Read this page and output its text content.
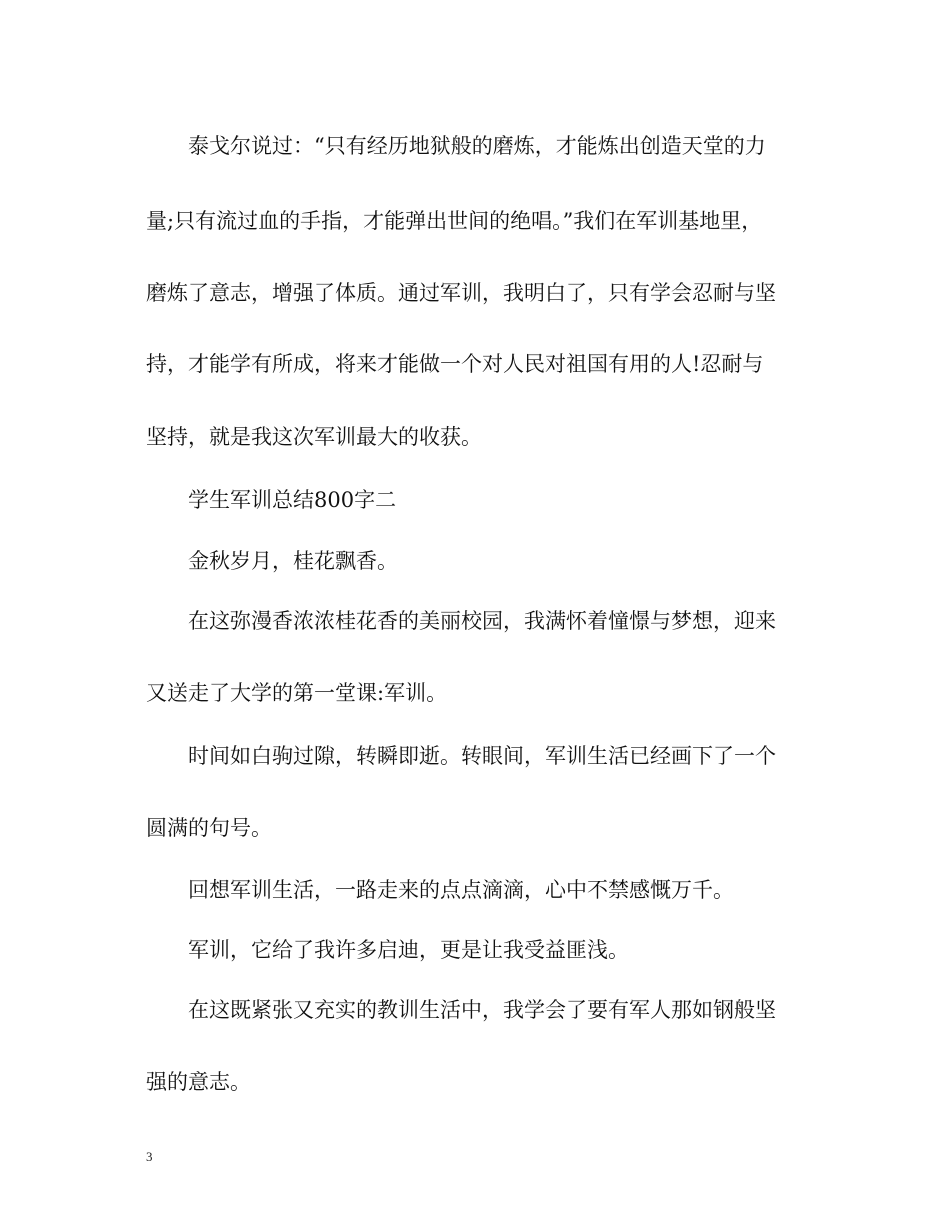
泰戈尔说过：“只有经历地狱般的磨炼，才能炼出创造天堂的力

量;只有流过血的手指，才能弹出世间的绝唱。”我们在军训基地里，

磨炼了意志，增强了体质。通过军训，我明白了，只有学会忍耐与坚

持，才能学有所成，将来才能做一个对人民对祖国有用的人!忍耐与

坚持，就是我这次军训最大的收获。

学生军训总结800字二

金秋岁月，桂花飘香。

在这弥漫香浓浓桂花香的美丽校园，我满怀着憧憬与梦想，迎来

又送走了大学的第一堂课:军训。

时间如白驹过隙，转瞬即逝。转眼间，军训生活已经画下了一个

圆满的句号。

回想军训生活，一路走来的点点滴滴，心中不禁感慨万千。

军训，它给了我许多启迪，更是让我受益匪浅。

在这既紧张又充实的教训生活中，我学会了要有军人那如钢般坚

强的意志。

3
